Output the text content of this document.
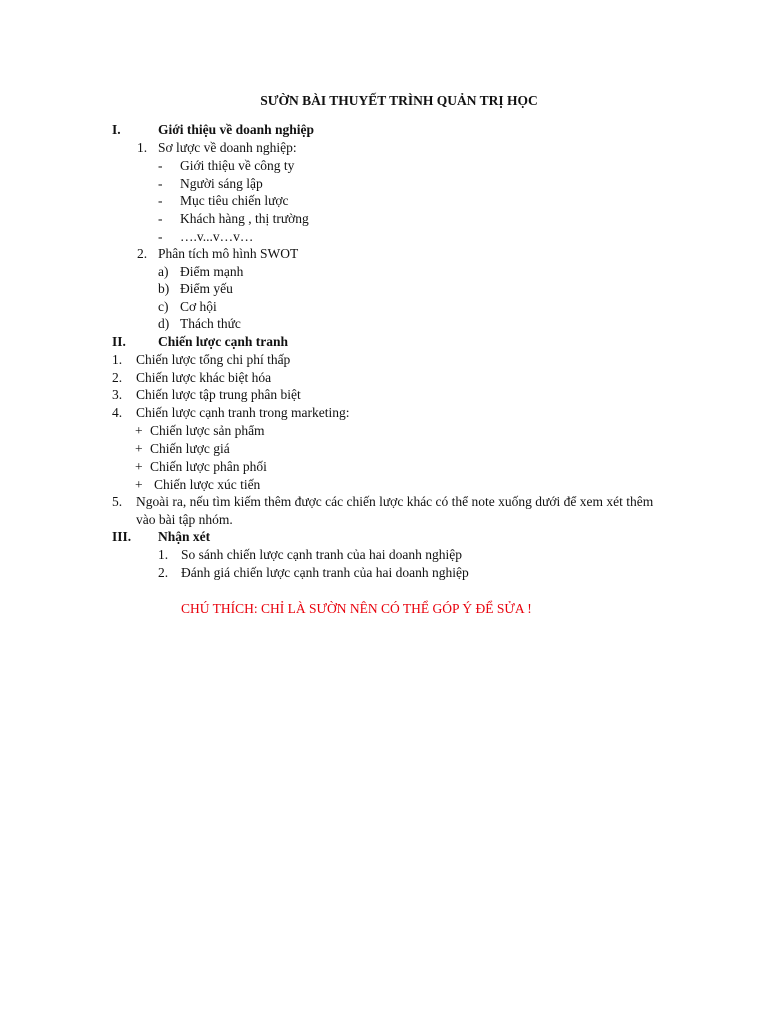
SƯỜN BÀI THUYẾT TRÌNH QUẢN TRỊ HỌC
I.	Giới thiệu về doanh nghiệp
1. Sơ lược về doanh nghiệp:
- Giới thiệu về công ty
- Người sáng lập
- Mục tiêu chiến lược
- Khách hàng , thị trường
- ….v...v…v…
2. Phân tích mô hình SWOT
a) Điểm mạnh
b) Điểm yếu
c) Cơ hội
d) Thách thức
II. Chiến lược cạnh tranh
1. Chiến lược tổng chi phí thấp
2. Chiến lược khác biệt hóa
3. Chiến lược tập trung phân biệt
4. Chiến lược cạnh tranh trong marketing:
+ Chiến lược sản phẩm
+ Chiến lược giá
+ Chiến lược phân phối
+ Chiến lược xúc tiến
5. Ngoài ra, nếu tìm kiếm thêm được các chiến lược khác có thể note xuống dưới để xem xét thêm
vào bài tập nhóm.
III. Nhận xét
1. So sánh chiến lược cạnh tranh của hai doanh nghiệp
2. Đánh giá chiến lược cạnh tranh của hai doanh nghiệp
CHÚ THÍCH: CHỈ LÀ SƯỜN NÊN CÓ THỂ GÓP Ý ĐỂ SỬA !
